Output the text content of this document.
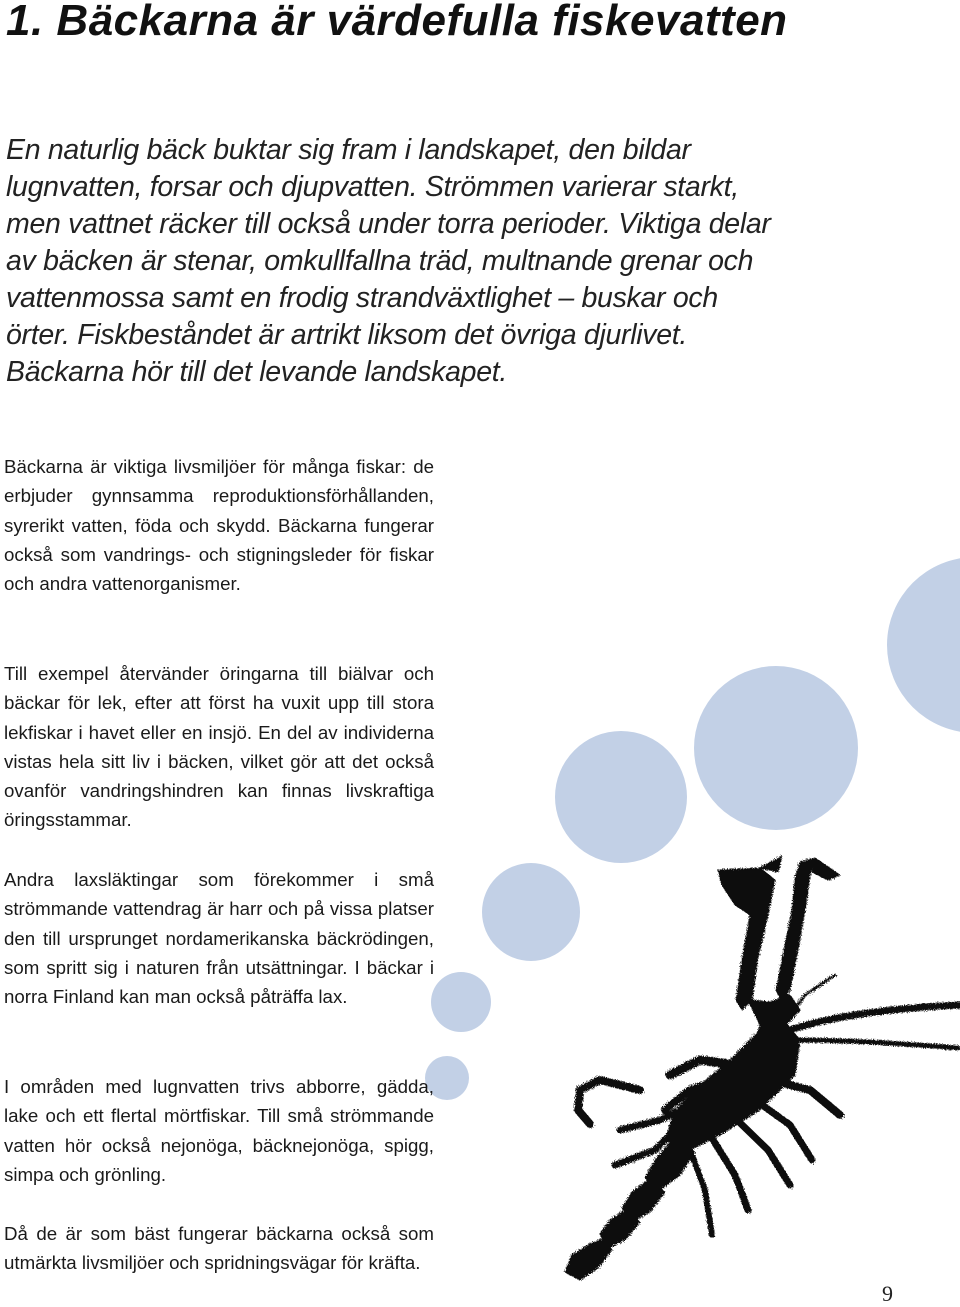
1. Bäckarna är värdefulla fiskevatten

En naturlig bäck buktar sig fram i landskapet, den bildar lugnvatten, forsar och djupvatten. Strömmen varierar starkt, men vattnet räcker till också under torra perioder. Viktiga delar av bäcken är stenar, omkullfallna träd, multnande grenar och vattenmossa samt en frodig strandväxtlighet – buskar och örter. Fiskbeståndet är artrikt liksom det övriga djurlivet. Bäckarna hör till det levande landskapet.

Bäckarna är viktiga livsmiljöer för många fiskar: de erbjuder gynnsamma reproduktionsförhållanden, syrerikt vatten, föda och skydd. Bäckarna fungerar också som vandrings- och stigningsleder för fiskar och andra vattenorganismer.

Till exempel återvänder öringarna till biälvar och bäckar för lek, efter att först ha vuxit upp till stora lekfiskar i havet eller en insjö. En del av individerna vistas hela sitt liv i bäcken, vilket gör att det också ovanför vandringshindren kan finnas livskraftiga öringsstammar.

Andra laxsläktingar som förekommer i små strömmande vattendrag är harr och på vissa platser den till ursprunget nordamerikanska bäckrödingen, som spritt sig i naturen från utsättningar. I bäckar i norra Finland kan man också påträffa lax.

I områden med lugnvatten trivs abborre, gädda, lake och ett flertal mörtfiskar. Till små strömmande vatten hör också nejonöga, bäcknejonöga, spigg, simpa och grönling.

Då de är som bäst fungerar bäckarna också som utmärkta livsmiljöer och spridningsvägar för kräfta.

9
